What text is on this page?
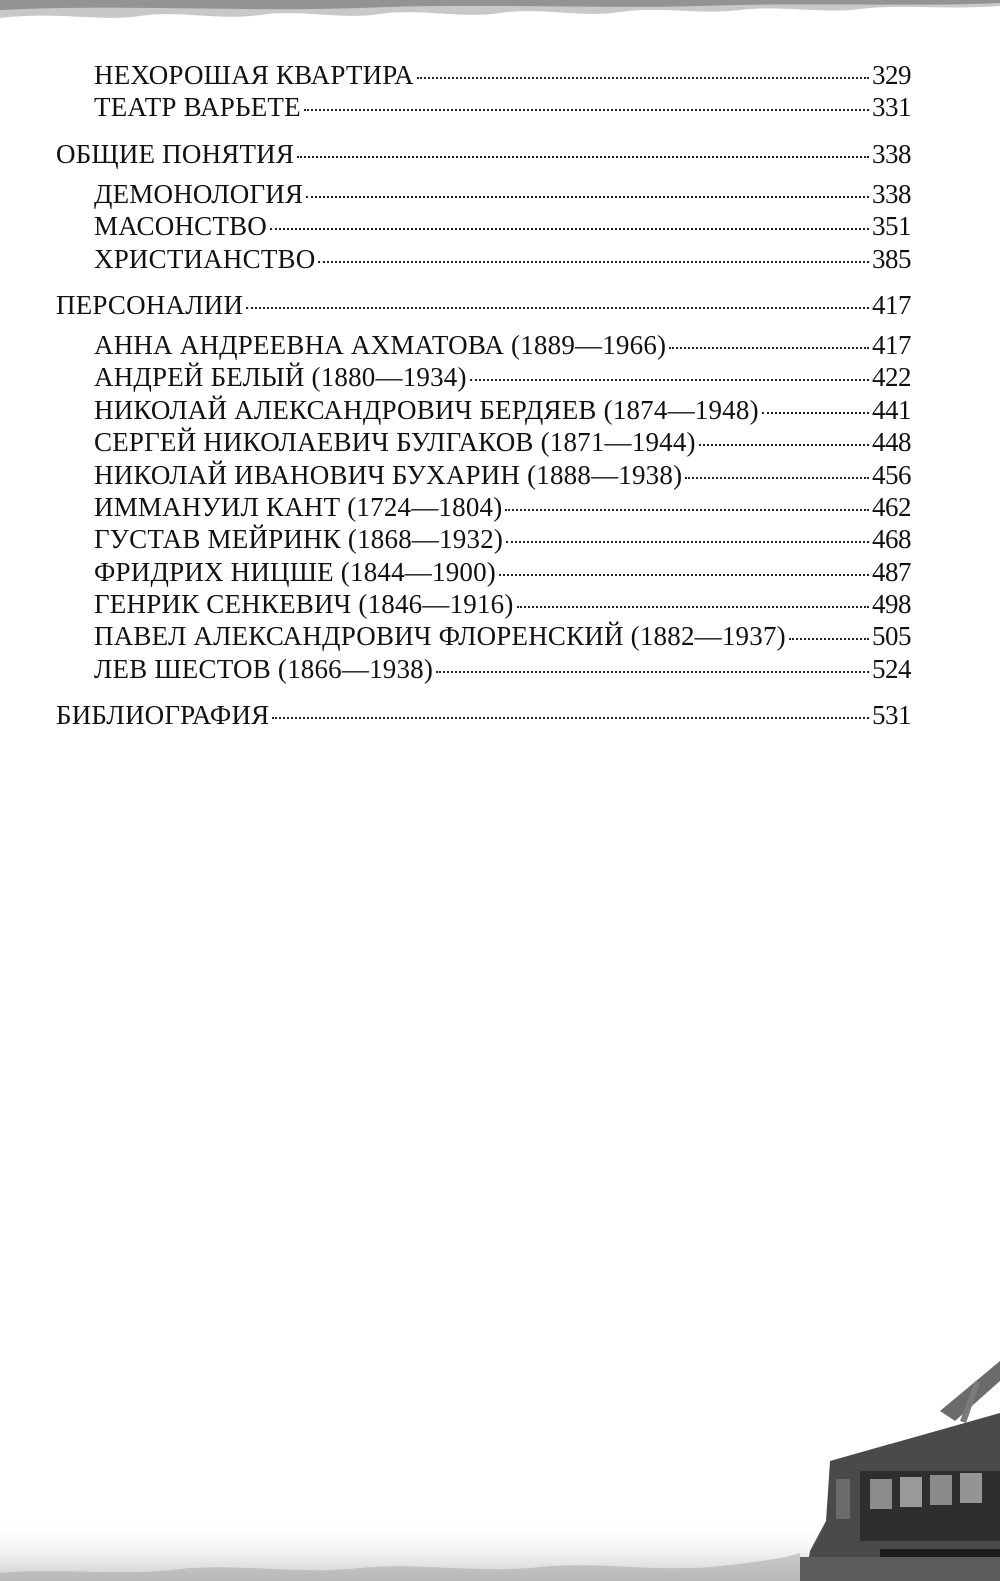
НЕХОРОШАЯ КВАРТИРА	329
ТЕАТР ВАРЬЕТЕ	331
ОБЩИЕ ПОНЯТИЯ	338
ДЕМОНОЛОГИЯ	338
МАСОНСТВО	351
ХРИСТИАНСТВО	385
ПЕРСОНАЛИИ	417
АННА АНДРЕЕВНА АХМАТОВА (1889—1966)	417
АНДРЕЙ БЕЛЫЙ (1880—1934)	422
НИКОЛАЙ АЛЕКСАНДРОВИЧ БЕРДЯЕВ (1874—1948)	441
СЕРГЕЙ НИКОЛАЕВИЧ БУЛГАКОВ (1871—1944)	448
НИКОЛАЙ ИВАНОВИЧ БУХАРИН (1888—1938)	456
ИММАНУИЛ КАНТ (1724—1804)	462
ГУСТАВ МЕЙРИНК (1868—1932)	468
ФРИДРИХ НИЦШЕ (1844—1900)	487
ГЕНРИК СЕНКЕВИЧ (1846—1916)	498
ПАВЕЛ АЛЕКСАНДРОВИЧ ФЛОРЕНСКИЙ (1882—1937)	505
ЛЕВ ШЕСТОВ (1866—1938)	524
БИБЛИОГРАФИЯ	531
